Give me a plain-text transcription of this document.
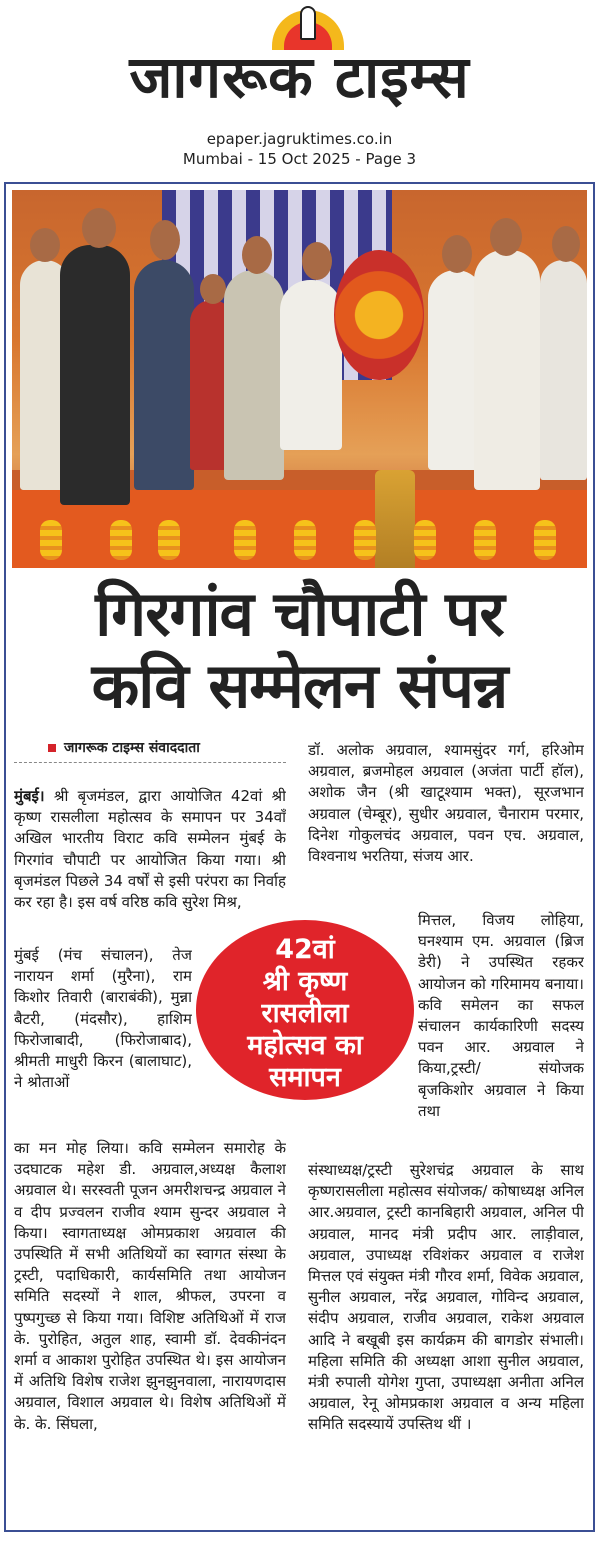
जागरूक टाइम्स
epaper.jagruktimes.co.in
Mumbai - 15 Oct 2025 - Page 3
गिरगांव चौपाटी पर
कवि सम्मेलन संपन्न
जागरूक टाइम्स संवाददाता
मुंबई। श्री बृजमंडल, द्वारा आयोजित 42वां श्री कृष्ण रासलीला महोत्सव के समापन पर 34वाँ अखिल भारतीय विराट कवि सम्मेलन मुंबई के गिरगांव चौपाटी पर आयोजित किया गया। श्री बृजमंडल पिछले 34 वर्षों से इसी परंपरा का निर्वाह कर रहा है। इस वर्ष वरिष्ठ कवि सुरेश मिश्र,
मुंबई (मंच संचालन), तेज नारायन शर्मा (मुरैना), राम किशोर तिवारी (बाराबंकी), मुन्ना बैटरी, (मंदसौर), हाशिम फिरोजाबादी, (फिरोजाबाद), श्रीमती माधुरी किरन (बालाघाट), ने श्रोताओं
का मन मोह लिया। कवि सम्मेलन समारोह के उदघाटक महेश डी. अग्रवाल,अध्यक्ष कैलाश अग्रवाल थे। सरस्वती पूजन अमरीशचन्द्र अग्रवाल ने व दीप प्रज्वलन राजीव श्याम सुन्दर अग्रवाल ने किया। स्वागताध्यक्ष ओमप्रकाश अग्रवाल की उपस्थिति में सभी अतिथियों का स्वागत संस्था के ट्रस्टी, पदाधिकारी, कार्यसमिति तथा आयोजन समिति सदस्यों ने शाल, श्रीफल, उपरना व पुष्पगुच्छ से किया गया। विशिष्ट अतिथिओं में राज के. पुरोहित, अतुल शाह, स्वामी डॉ. देवकीनंदन शर्मा व आकाश पुरोहित उपस्थित थे। इस आयोजन में अतिथि विशेष राजेश झुनझुनवाला, नारायणदास अग्रवाल, विशाल अग्रवाल थे। विशेष अतिथिओं में के. के. सिंघला,
डॉ. अलोक अग्रवाल, श्यामसुंदर गर्ग, हरिओम अग्रवाल, ब्रजमोहल अग्रवाल (अजंता पार्टी हॉल), अशोक जैन (श्री खाटूश्याम भक्त), सूरजभान अग्रवाल (चेम्बूर), सुधीर अग्रवाल, चैनाराम परमार, दिनेश गोकुलचंद अग्रवाल, पवन एच. अग्रवाल, विश्वनाथ भरतिया, संजय आर.
मित्तल, विजय लोहिया, घनश्याम एम. अग्रवाल (ब्रिज डेरी) ने उपस्थित रहकर आयोजन को गरिमामय बनाया। कवि समेलन का सफल संचालन कार्यकारिणी सदस्य पवन आर. अग्रवाल ने किया,ट्रस्टी/ संयोजक बृजकिशोर अग्रवाल ने किया तथा
संस्थाध्यक्ष/ट्रस्टी सुरेशचंद्र अग्रवाल के साथ कृष्णरासलीला महोत्सव संयोजक/ कोषाध्यक्ष अनिल आर.अग्रवाल, ट्रस्टी कानबिहारी अग्रवाल, अनिल पी अग्रवाल, मानद मंत्री प्रदीप आर. लाड़ीवाल, अग्रवाल, उपाध्यक्ष रविशंकर अग्रवाल व राजेश मित्तल एवं संयुक्त मंत्री गौरव शर्मा, विवेक अग्रवाल, सुनील अग्रवाल, नरेंद्र अग्रवाल, गोविन्द अग्रवाल, संदीप अग्रवाल, राजीव अग्रवाल, राकेश अग्रवाल आदि ने बखूबी इस कार्यक्रम की बागडोर संभाली। महिला समिति की अध्यक्षा आशा सुनील अग्रवाल, मंत्री रुपाली योगेश गुप्ता, उपाध्यक्षा अनीता अनिल अग्रवाल, रेनू ओमप्रकाश अग्रवाल व अन्य महिला समिति सदस्यायें उपस्तिथ थीं ।
42वां
श्री कृष्ण
रासलीला
महोत्सव का
समापन
